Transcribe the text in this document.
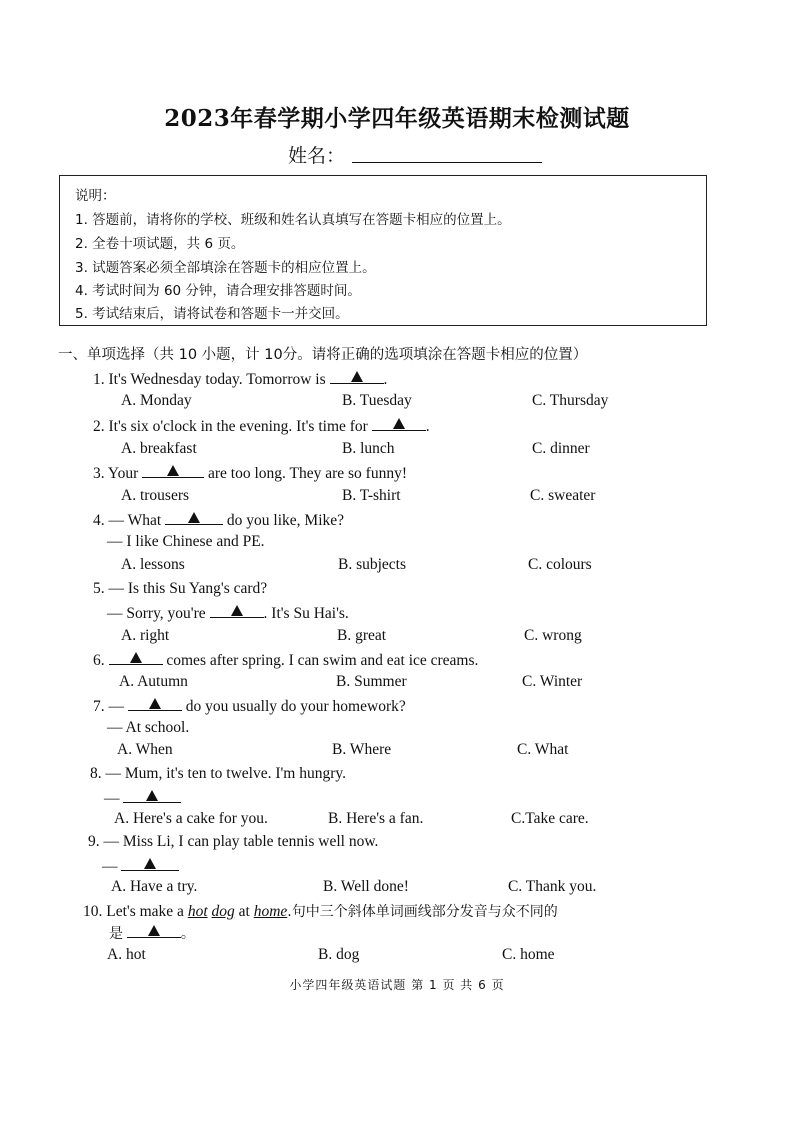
2023年春学期小学四年级英语期末检测试题
姓名：
说明：
1. 答题前，请将你的学校、班级和姓名认真填写在答题卡相应的位置上。
2. 全卷十项试题，共 6 页。
3. 试题答案必须全部填涂在答题卡的相应位置上。
4. 考试时间为 60 分钟，请合理安排答题时间。
5. 考试结束后，请将试卷和答题卡一并交回。
一、单项选择（共 10 小题，计 10分。请将正确的选项填涂在答题卡相应的位置）
1. It's Wednesday today. Tomorrow is	.
A. Monday	B. Tuesday	C. Thursday
2. It's six o'clock in the evening. It's time for	.
A. breakfast	B. lunch	C. dinner
3. Your	are too long. They are so funny!
A. trousers	B. T-shirt	C. sweater
4. — What	do you like, Mike?
— I like Chinese and PE.
A. lessons	B. subjects	C. colours
5. — Is this Su Yang's card?
— Sorry, you're	. It's Su Hai's.
A. right	B. great	C. wrong
6.	comes after spring. I can swim and eat ice creams.
A. Autumn	B. Summer	C. Winter
7. —	do you usually do your homework?
— At school.
A. When	B. Where	C. What
8. — Mum, it's ten to twelve. I'm hungry.
—
A. Here's a cake for you.	B. Here's a fan.	C.Take care.
9. — Miss Li, I can play table tennis well now.
—
A. Have a try.	B. Well done!	C. Thank you.
10. Let's make a hot dog at home.句中三个斜体单词画线部分发音与众不同的
是	。
A. hot	B. dog	C. home
小学四年级英语试题 第 1 页 共 6 页
